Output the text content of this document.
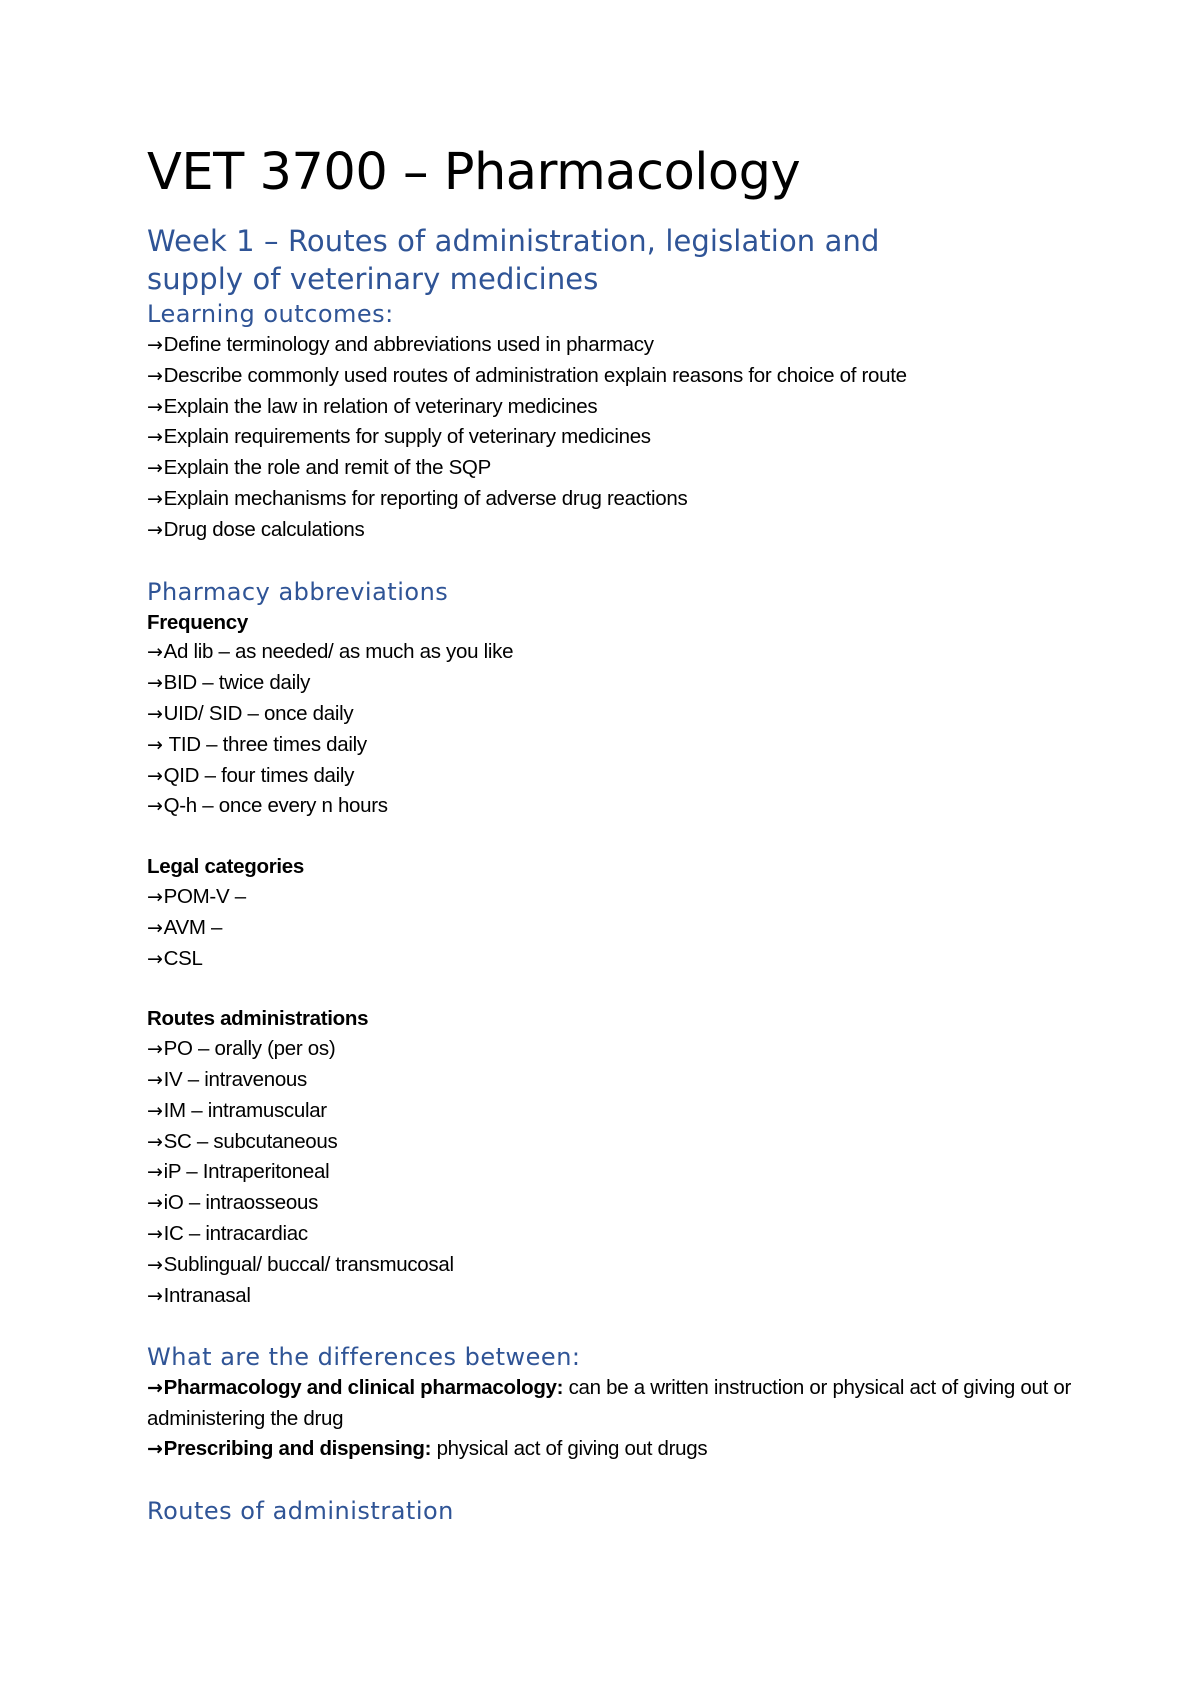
VET 3700 – Pharmacology
Week 1 – Routes of administration, legislation and
supply of veterinary medicines
Learning outcomes:
→Define terminology and abbreviations used in pharmacy
→Describe commonly used routes of administration explain reasons for choice of route
→Explain the law in relation of veterinary medicines
→Explain requirements for supply of veterinary medicines
→Explain the role and remit of the SQP
→Explain mechanisms for reporting of adverse drug reactions
→Drug dose calculations
Pharmacy abbreviations
Frequency
→Ad lib – as needed/ as much as you like
→BID – twice daily
→UID/ SID – once daily
→ TID – three times daily
→QID – four times daily
→Q-h – once every n hours
Legal categories
→POM-V –
→AVM –
→CSL
Routes administrations
→PO – orally (per os)
→IV – intravenous
→IM – intramuscular
→SC – subcutaneous
→iP – Intraperitoneal
→iO – intraosseous
→IC – intracardiac
→Sublingual/ buccal/ transmucosal
→Intranasal
What are the differences between:
→Pharmacology and clinical pharmacology: can be a written instruction or physical act of giving out or administering the drug
→Prescribing and dispensing: physical act of giving out drugs
Routes of administration
